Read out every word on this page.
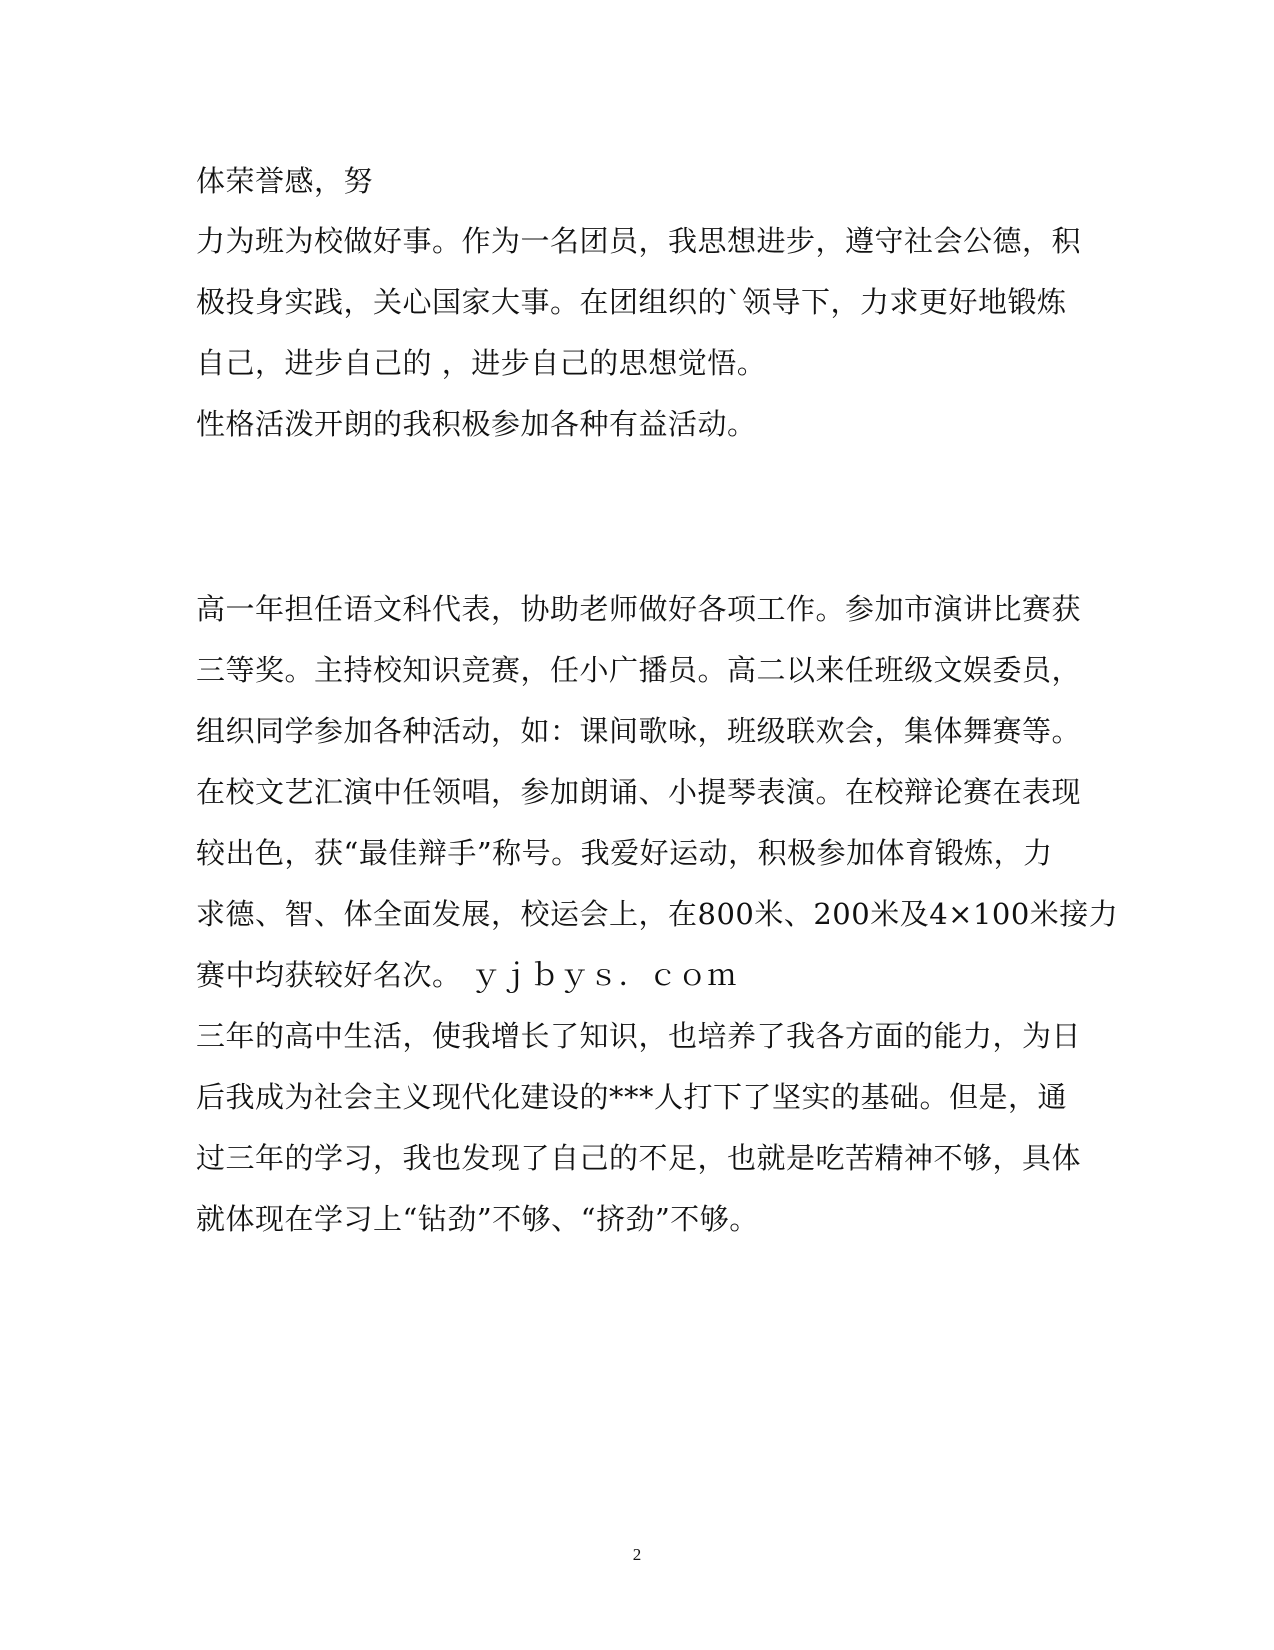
体荣誉感，努
力为班为校做好事。作为一名团员，我思想进步，遵守社会公德，积
极投身实践，关心国家大事。在团组织的`领导下，力求更好地锻炼
自己，进步自己的 ，进步自己的思想觉悟。
性格活泼开朗的我积极参加各种有益活动。
高一年担任语文科代表，协助老师做好各项工作。参加市演讲比赛获
三等奖。主持校知识竞赛，任小广播员。高二以来任班级文娱委员，
组织同学参加各种活动，如：课间歌咏，班级联欢会，集体舞赛等。
在校文艺汇演中任领唱，参加朗诵、小提琴表演。在校辩论赛在表现
较出色，获“最佳辩手”称号。我爱好运动，积极参加体育锻炼，力
求德、智、体全面发展，校运会上，在800米、200米及4×100米接力
赛中均获较好名次。 ｙｊｂｙｓ．ｃｏｍ
三年的高中生活，使我增长了知识，也培养了我各方面的能力，为日
后我成为社会主义现代化建设的***人打下了坚实的基础。但是，通
过三年的学习，我也发现了自己的不足，也就是吃苦精神不够，具体
就体现在学习上“钻劲”不够、“挤劲”不够。
2
